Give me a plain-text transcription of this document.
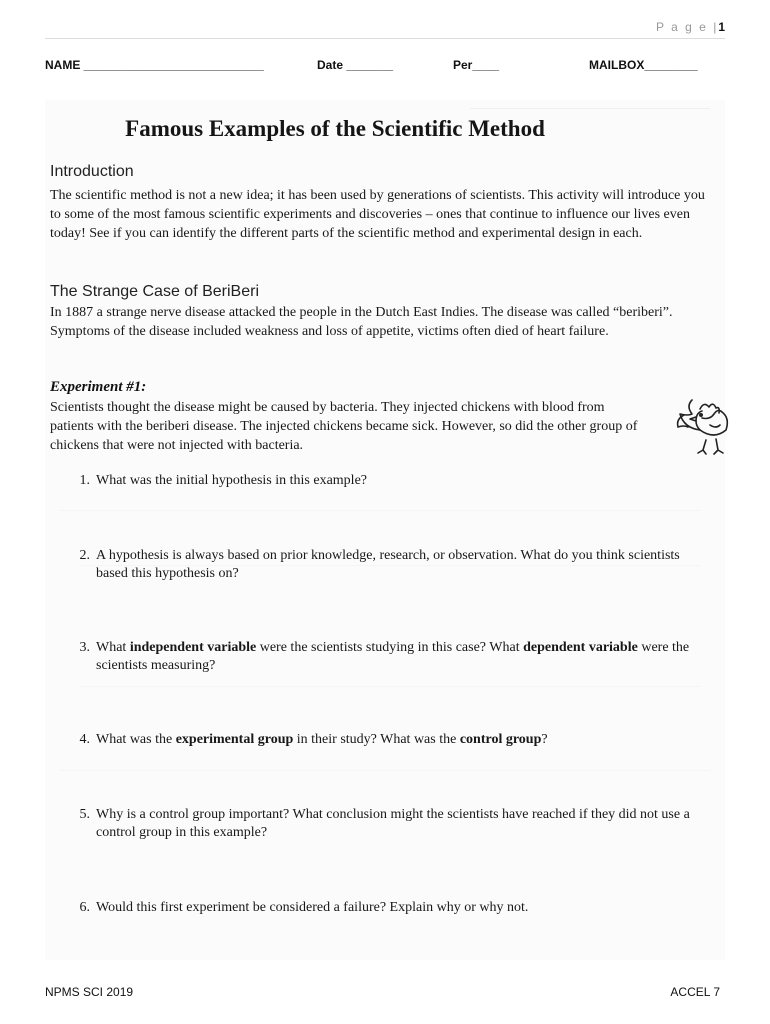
P a g e |1
NAME ___________________________	Date _______	Per____	MAILBOX________
Famous Examples of the Scientific Method
Introduction
The scientific method is not a new idea; it has been used by generations of scientists. This activity will introduce you to some of the most famous scientific experiments and discoveries – ones that continue to influence our lives even today! See if you can identify the different parts of the scientific method and experimental design in each.
The Strange Case of BeriBeri
In 1887 a strange nerve disease attacked the people in the Dutch East Indies. The disease was called “beriberi”. Symptoms of the disease included weakness and loss of appetite, victims often died of heart failure.
Experiment #1:
Scientists thought the disease might be caused by bacteria. They injected chickens with blood from patients with the beriberi disease. The injected chickens became sick. However, so did the other group of chickens that were not injected with bacteria.
1. What was the initial hypothesis in this example?
2. A hypothesis is always based on prior knowledge, research, or observation. What do you think scientists based this hypothesis on?
3. What independent variable were the scientists studying in this case? What dependent variable were the scientists measuring?
4. What was the experimental group in their study? What was the control group?
5. Why is a control group important? What conclusion might the scientists have reached if they did not use a control group in this example?
6. Would this first experiment be considered a failure? Explain why or why not.
NPMS SCI 2019	ACCEL 7
